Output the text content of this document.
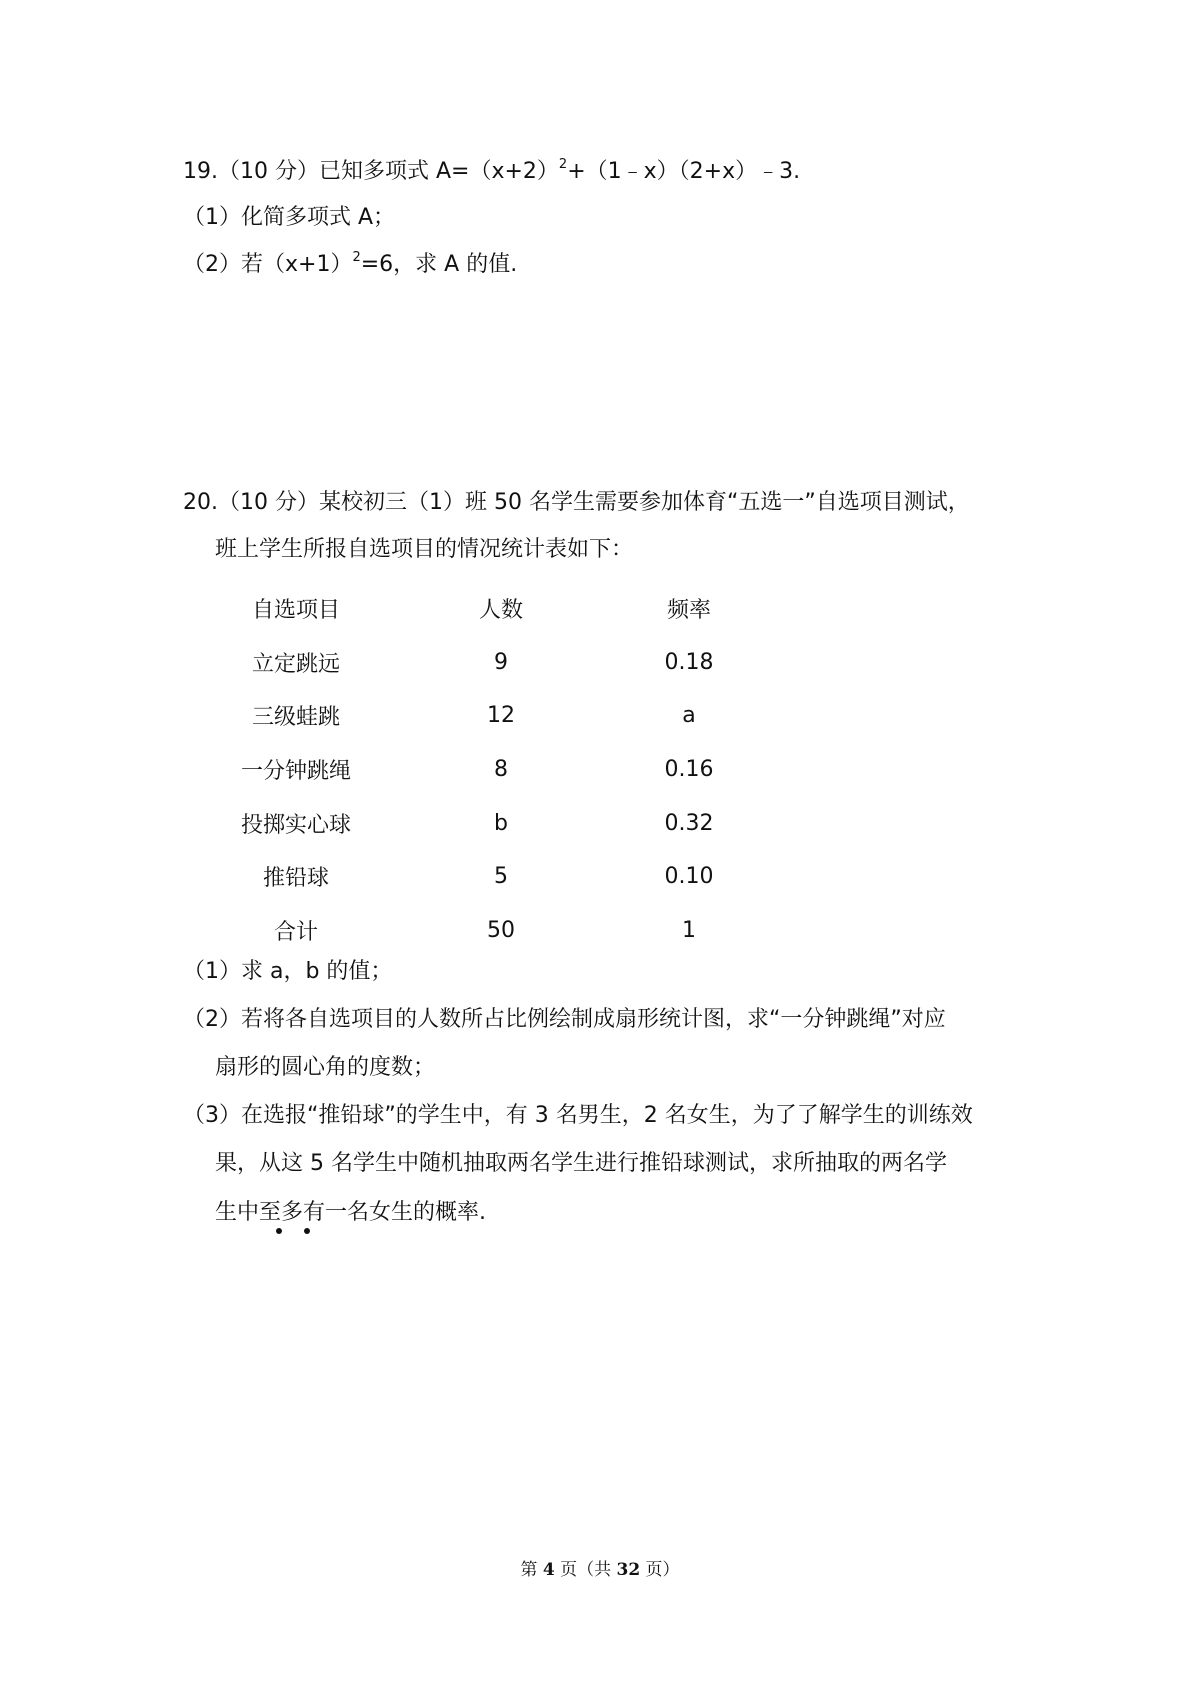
19.（10 分）已知多项式 $A=(x+2)^2+(1﹣x)(2+x)﹣3$.
（1）化简多项式 A；
（2）若$(x+1)^2=6$，求 A 的值.
20.（10 分）某校初三（1）班 50 名学生需要参加体育“五选一”自选项目测试，
班上学生所报自选项目的情况统计表如下：
自选项目	人数	频率
立定跳远	9	0.18
三级蛙跳	12	a
一分钟跳绳	8	0.16
投掷实心球	b	0.32
推铅球	5	0.10
合计	50	1
（1）求 a，b 的值；
（2）若将各自选项目的人数所占比例绘制成扇形统计图，求“一分钟跳绳”对应
扇形的圆心角的度数；
（3）在选报“推铅球”的学生中，有 3 名男生，2 名女生，为了了解学生的训练效
果，从这 5 名学生中随机抽取两名学生进行推铅球测试，求所抽取的两名学
生中至多有一名女生的概率.
第 4 页（共 32 页）
